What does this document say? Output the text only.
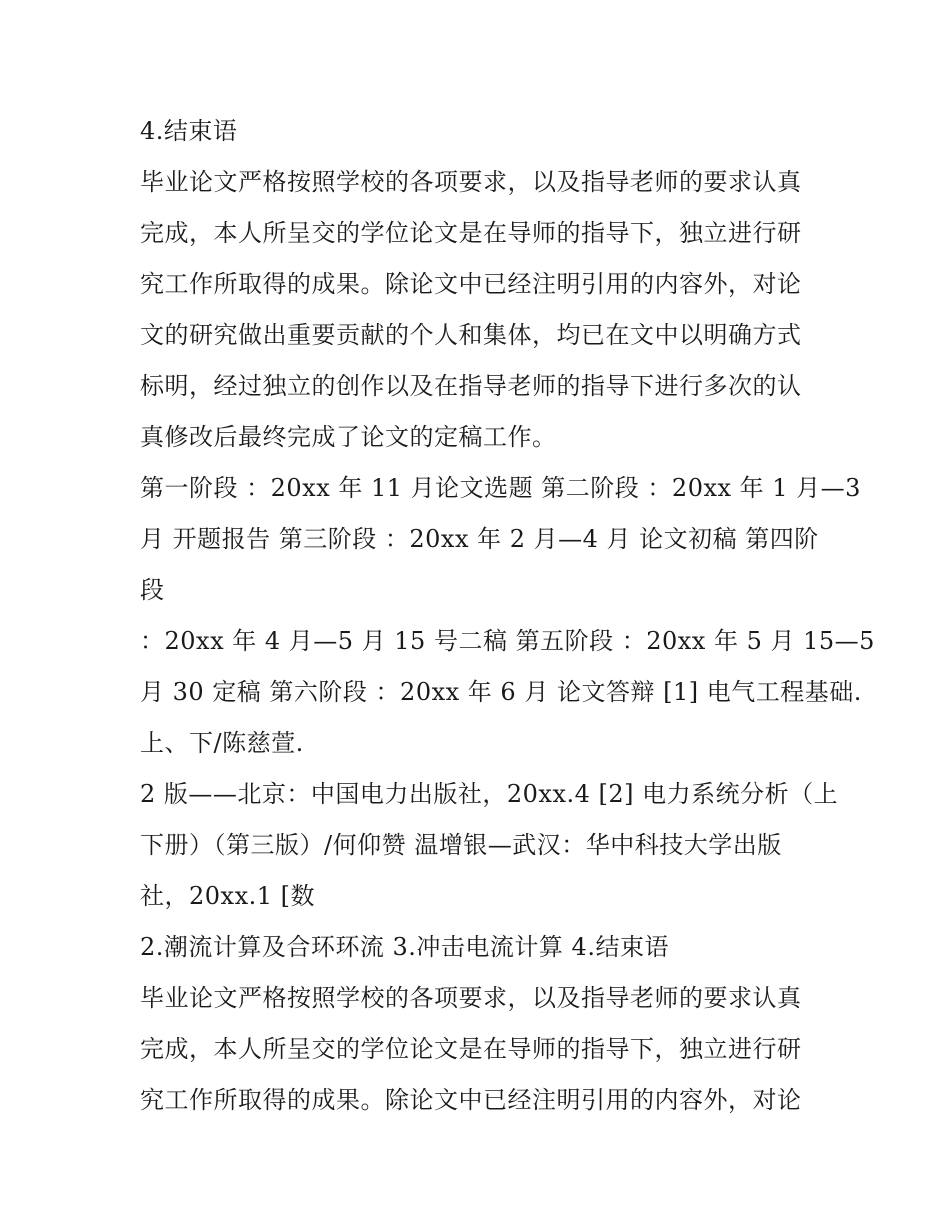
4.结束语
毕业论文严格按照学校的各项要求，以及指导老师的要求认真
完成，本人所呈交的学位论文是在导师的指导下，独立进行研
究工作所取得的成果。除论文中已经注明引用的内容外，对论
文的研究做出重要贡献的个人和集体，均已在文中以明确方式
标明，经过独立的创作以及在指导老师的指导下进行多次的认
真修改后最终完成了论文的定稿工作。
第一阶段 ：20xx 年 11 月论文选题 第二阶段 ：20xx 年 1 月—3
月 开题报告 第三阶段 ：20xx 年 2 月—4 月 论文初稿 第四阶
段
：20xx 年 4 月—5 月 15 号二稿 第五阶段 ：20xx 年 5 月 15—5
月 30 定稿 第六阶段 ：20xx 年 6 月 论文答辩 [1] 电气工程基础.
上、下/陈慈萱.
2 版——北京：中国电力出版社，20xx.4 [2] 电力系统分析（上
下册）（第三版）/何仰赞 温增银—武汉：华中科技大学出版
社，20xx.1 [数
2.潮流计算及合环环流 3.冲击电流计算 4.结束语
毕业论文严格按照学校的各项要求，以及指导老师的要求认真
完成，本人所呈交的学位论文是在导师的指导下，独立进行研
究工作所取得的成果。除论文中已经注明引用的内容外，对论
